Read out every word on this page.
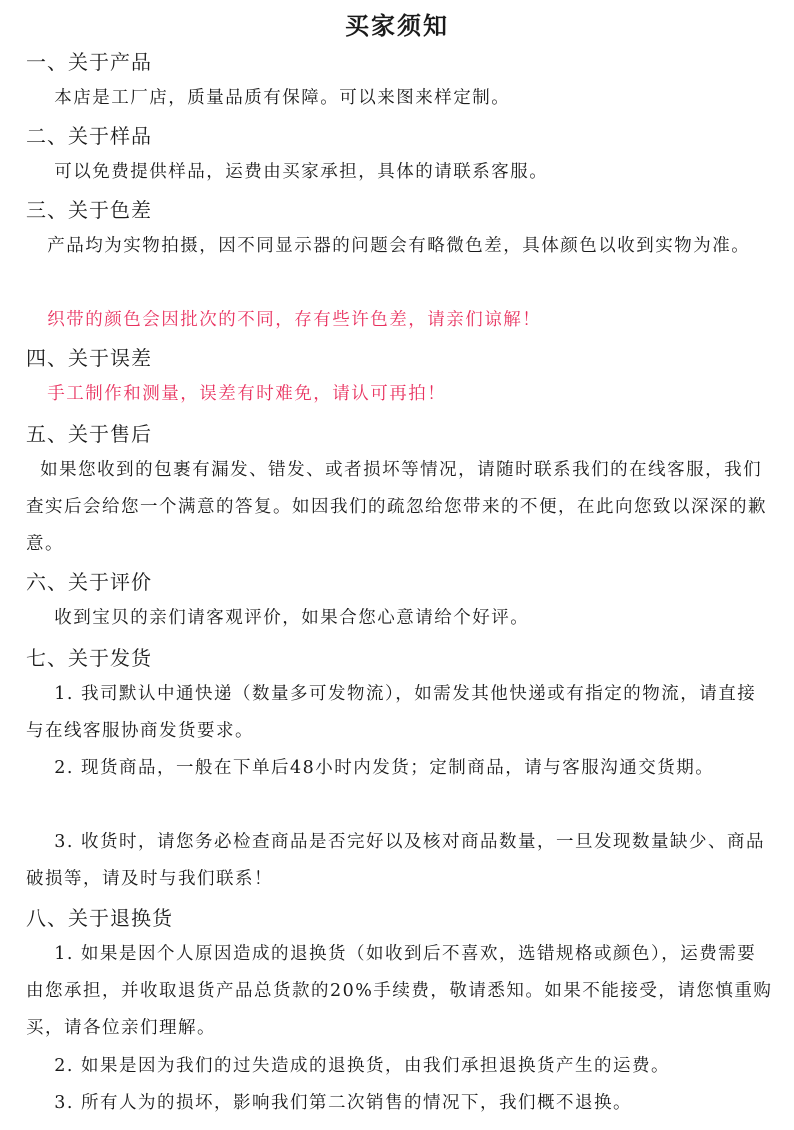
买家须知
一、关于产品
本店是工厂店，质量品质有保障。可以来图来样定制。
二、关于样品
可以免费提供样品，运费由买家承担，具体的请联系客服。
三、关于色差
产品均为实物拍摄，因不同显示器的问题会有略微色差，具体颜色以收到实物为准。
织带的颜色会因批次的不同，存有些许色差，请亲们谅解！
四、关于误差
手工制作和测量，误差有时难免，请认可再拍！
五、关于售后
如果您收到的包裹有漏发、错发、或者损坏等情况，请随时联系我们的在线客服，我们查实后会给您一个满意的答复。如因我们的疏忽给您带来的不便，在此向您致以深深的歉意。
六、关于评价
收到宝贝的亲们请客观评价，如果合您心意请给个好评。
七、关于发货
1. 我司默认中通快递（数量多可发物流），如需发其他快递或有指定的物流，请直接与在线客服协商发货要求。
2. 现货商品，一般在下单后48小时内发货；定制商品，请与客服沟通交货期。
3. 收货时，请您务必检查商品是否完好以及核对商品数量，一旦发现数量缺少、商品破损等，请及时与我们联系！
八、关于退换货
1. 如果是因个人原因造成的退换货（如收到后不喜欢，选错规格或颜色），运费需要由您承担，并收取退货产品总货款的20%手续费，敬请悉知。如果不能接受，请您慎重购买，请各位亲们理解。
2. 如果是因为我们的过失造成的退换货，由我们承担退换货产生的运费。
3. 所有人为的损坏，影响我们第二次销售的情况下，我们概不退换。
